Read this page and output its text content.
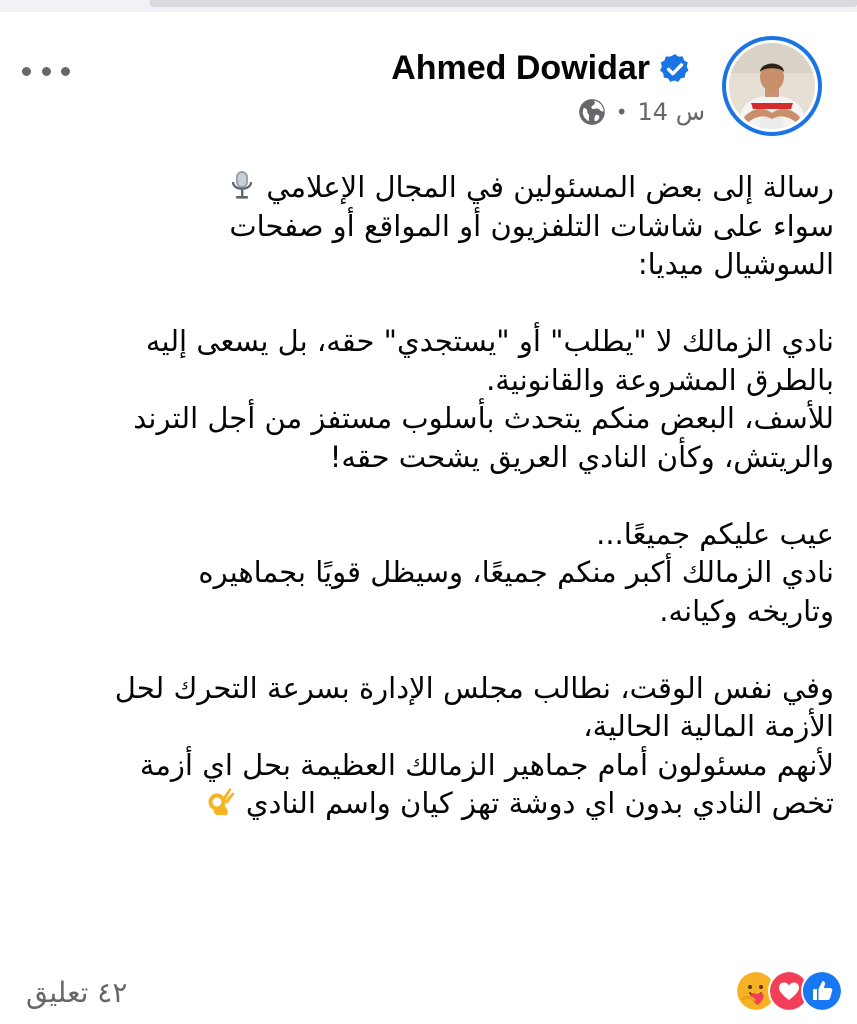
Ahmed Dowidar
• 14 س

رسالة إلى بعض المسئولين في المجال الإعلامي

سواء على شاشات التلفزيون أو المواقع أو صفحات

السوشيال ميديا:

نادي الزمالك لا "يطلب" أو "يستجدي" حقه، بل يسعى إليه

بالطرق المشروعة والقانونية.

للأسف، البعض منكم يتحدث بأسلوب مستفز من أجل الترند

والريتش، وكأن النادي العريق يشحت حقه!

عيب عليكم جميعًا...

نادي الزمالك أكبر منكم جميعًا، وسيظل قويًا بجماهيره

وتاريخه وكيانه.

وفي نفس الوقت، نطالب مجلس الإدارة بسرعة التحرك لحل

الأزمة المالية الحالية،

لأنهم مسئولون أمام جماهير الزمالك العظيمة بحل اي أزمة

تخص النادي بدون اي دوشة تهز كيان واسم النادي

٤٢ تعليق
